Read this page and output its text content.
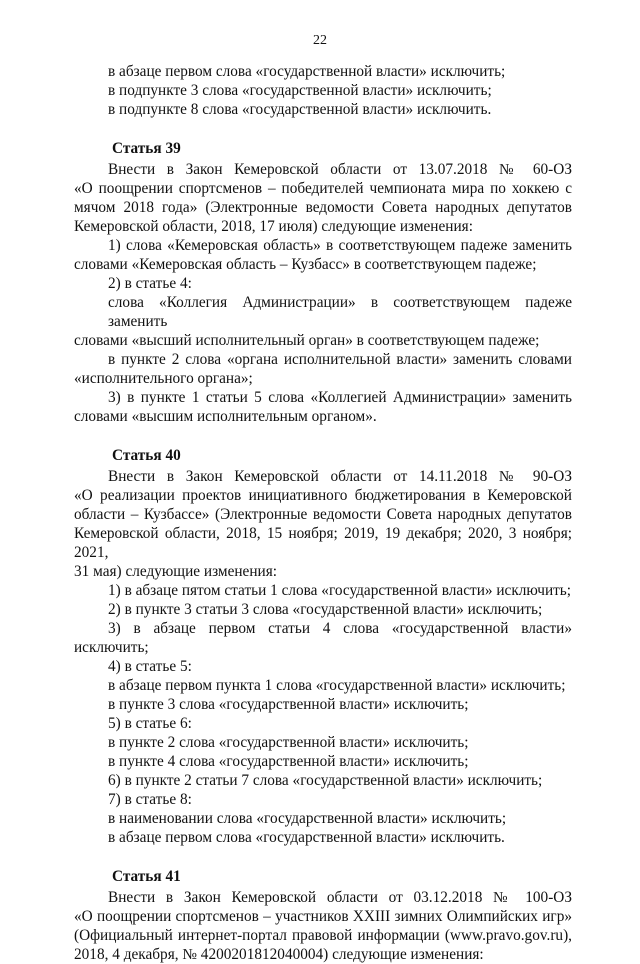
22
в абзаце первом слова «государственной власти» исключить;
в подпункте 3 слова «государственной власти» исключить;
в подпункте 8 слова «государственной власти» исключить.
Статья 39
Внести в Закон Кемеровской области от 13.07.2018 № 60-ОЗ
«О поощрении спортсменов – победителей чемпионата мира по хоккею с
мячом 2018 года» (Электронные ведомости Совета народных депутатов
Кемеровской области, 2018, 17 июля) следующие изменения:
1) слова «Кемеровская область» в соответствующем падеже заменить
словами «Кемеровская область – Кузбасс» в соответствующем падеже;
2) в статье 4:
слова «Коллегия Администрации» в соответствующем падеже заменить
словами «высший исполнительный орган» в соответствующем падеже;
в пункте 2 слова «органа исполнительной власти» заменить словами
«исполнительного органа»;
3) в пункте 1 статьи 5 слова «Коллегией Администрации» заменить
словами «высшим исполнительным органом».
Статья 40
Внести в Закон Кемеровской области от 14.11.2018 № 90-ОЗ
«О реализации проектов инициативного бюджетирования в Кемеровской
области – Кузбассе» (Электронные ведомости Совета народных депутатов
Кемеровской области, 2018, 15 ноября; 2019, 19 декабря; 2020, 3 ноября; 2021,
31 мая) следующие изменения:
1) в абзаце пятом статьи 1 слова «государственной власти» исключить;
2) в пункте 3 статьи 3 слова «государственной власти» исключить;
3) в абзаце первом статьи 4 слова «государственной власти»
исключить;
4) в статье 5:
в абзаце первом пункта 1 слова «государственной власти» исключить;
в пункте 3 слова «государственной власти» исключить;
5) в статье 6:
в пункте 2 слова «государственной власти» исключить;
в пункте 4 слова «государственной власти» исключить;
6) в пункте 2 статьи 7 слова «государственной власти» исключить;
7) в статье 8:
в наименовании слова «государственной власти» исключить;
в абзаце первом слова «государственной власти» исключить.
Статья 41
Внести в Закон Кемеровской области от 03.12.2018 № 100-ОЗ
«О поощрении спортсменов – участников XXIII зимних Олимпийских игр»
(Официальный интернет-портал правовой информации (www.pravo.gov.ru),
2018, 4 декабря, № 4200201812040004) следующие изменения:
